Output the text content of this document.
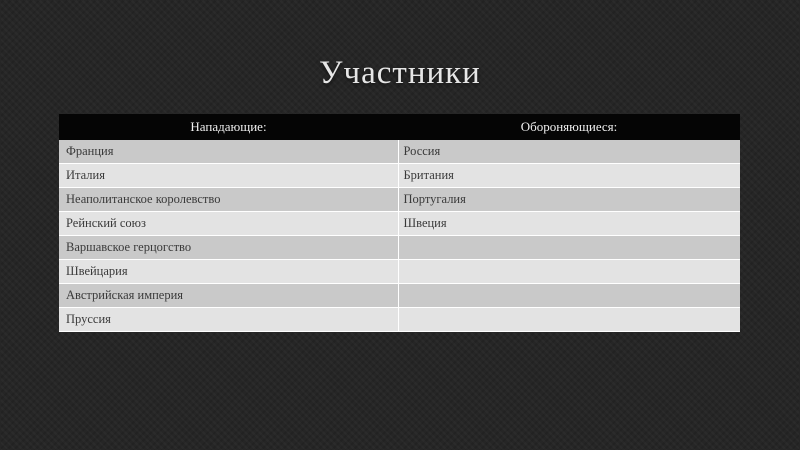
Участники
Нападающие:	Обороняющиеся:
Франция	Россия
Италия	Британия
Неаполитанское королевство	Португалия
Рейнский союз	Швеция
Варшавское герцогство	
Швейцария	
Австрийская империя	
Пруссия	
